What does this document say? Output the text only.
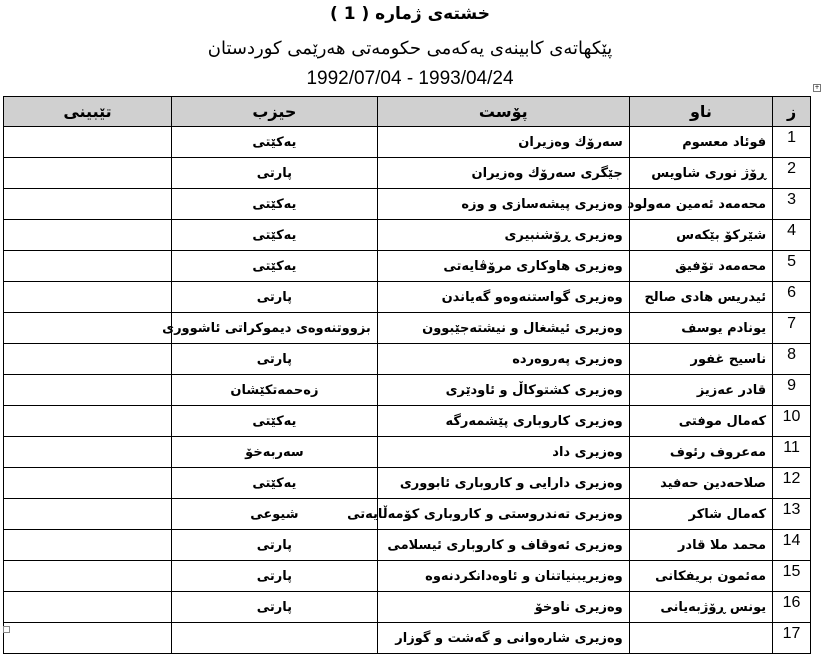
خشتەی ژمارە ( 1 )
پێکهاتەی کابینەی یەکەمی حکومەتی هەرێمی کوردستان
1992/07/04 - 1993/04/24	+
ز	ناو	پۆست	حیزب	تێبینی
1	فوئاد معسوم	سەرۆك وەزیران	یەكێتی	
2	ڕۆژ نوری شاویس	جێگری سەرۆك وەزیران	پارتی	
3	محەمەد ئەمین مەولود	وەزیری پیشەسازی و وزە	یەكێتی	
4	شێرکۆ بێکەس	وەزیری ڕۆشنبیری	یەكێتی	
5	محەمەد تۆفیق	وەزیری هاوکاری مرۆڤایەتی	یەكێتی	
6	ئیدریس هادی صالح	وەزیری گواستنەوەو گەیاندن	پارتی	
7	یونادم یوسف	وەزیری ئیشغال و نیشتەجێبوون	بزووتنەوەی دیموکراتی ئاشووری	
8	ناسیح غفور	وەزیری پەروەردە	پارتی	
9	قادر عەزیز	وەزیری کشتوکاڵ و ئاودێری	زەحمەتکێشان	
10	کەمال موفتی	وەزیری کاروباری پێشمەرگە	یەكێتی	
11	مەعروف رئوف	وەزیری داد	سەربەخۆ	
12	صلاحەدین حەفید	وەزیری دارایی و کاروباری ئابووری	یەكێتی	
13	کەمال شاکر	وەزیری تەندروستی و کاروباری کۆمەڵایەتی	شیوعی	
14	محمد ملا قادر	وەزیری ئەوقاف و کاروباری ئیسلامی	پارتی	
15	مەئمون بریفکانی	وەزیریبنیاتنان و ئاوەدانکردنەوە	پارتی	
16	یونس ڕۆژبەیانی	وەزیری ناوخۆ	پارتی	
17		وەزیری شارەوانی و گەشت و گوزار		
